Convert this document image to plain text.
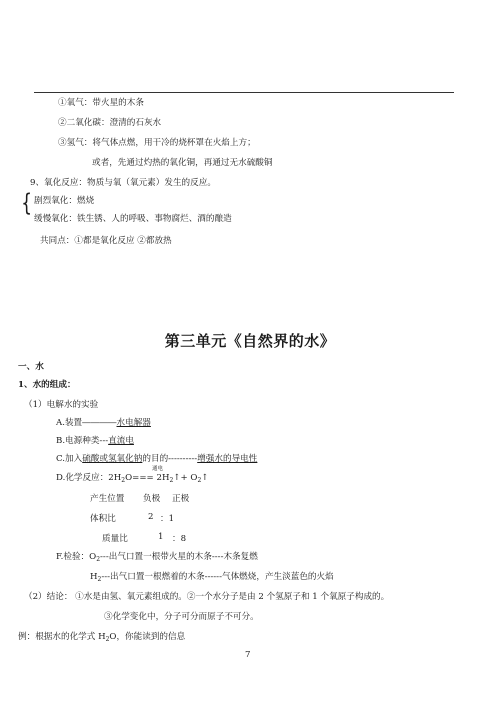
①氧气：带火星的木条
②二氧化碳：澄清的石灰水
③氢气：将气体点燃，用干冷的烧杯罩在火焰上方；
或者，先通过灼热的氧化铜，再通过无水硫酸铜
9、氧化反应：物质与氧（氧元素）发生的反应。
{ 剧烈氧化：燃烧
缓慢氧化：铁生锈、人的呼吸、事物腐烂、酒的酿造
共同点：①都是氧化反应 ②都放热
第三单元《自然界的水》
一、水
1、水的组成：
（1）电解水的实验
A.装置――――水电解器
B.电源种类---直流电
C.加入硫酸或氢氧化钠的目的----------增强水的导电性
通电
D.化学反应：$2H_2O===$ $2H_2↑+$ $O_2↑$
产生位置 负极 正极
体积比	2 ：1
质量比	1 ：8
F.检验：$O_2---$出气口置一根带火星的木条----木条复燃
$H_2---$出气口置一根燃着的木条------气体燃烧，产生淡蓝色的火焰
（2）结论： ①水是由氢、氧元素组成的。②一个水分子是由 2 个氢原子和 1 个氧原子构成的。
③化学变化中，分子可分而原子不可分。
例：根据水的化学式 $H_2O$，你能读到的信息
7
